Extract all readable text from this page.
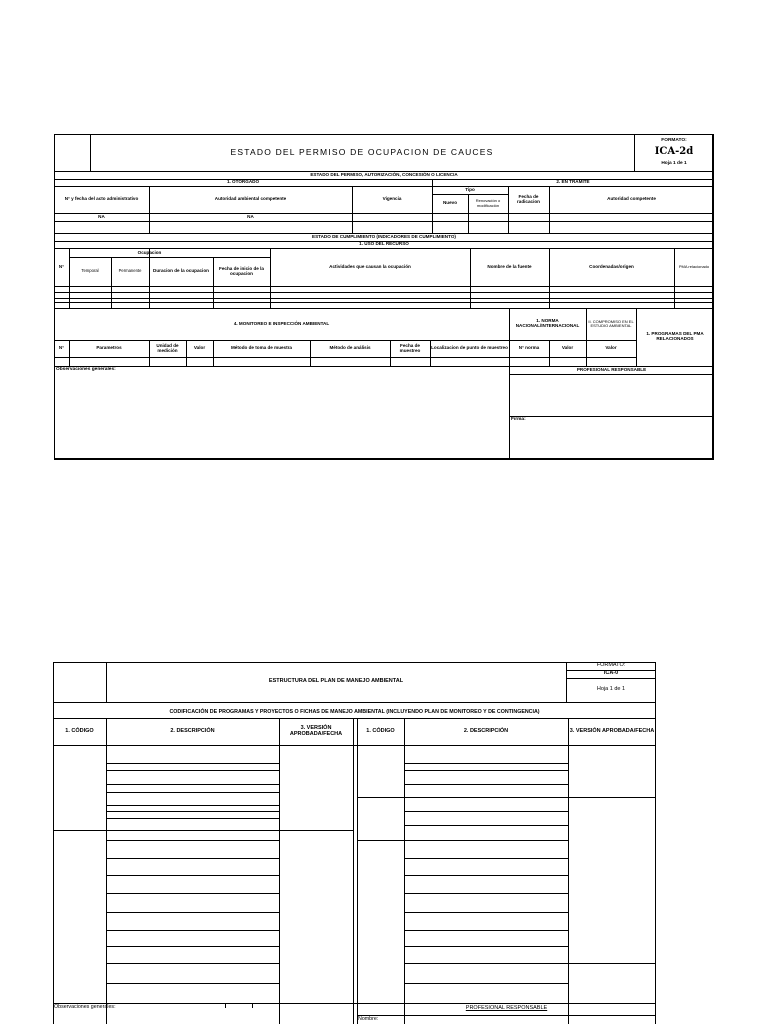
ESTADO DEL PERMISO DE OCUPACION DE CAUCES
FORMATO:
ICA-2d
Hoja 1 de 1
ESTADO DEL PERMISO, AUTORIZACIÓN, CONCESIÓN O LICENCIA
1. OTORGADO	2. EN TRAMITE
Tipo
N° y fecha del acto administrativo	Autoridad ambiental competente	Vigencia
Nuevo	Renovación o modificación
Fecha de radicacion	Autoridad competente
NA	NA
ESTADO DE CUMPLIMIENTO (INDICADORES DE CUMPLIMIENTO)
1. USO DEL RECURSO
Ocupacion
N°
Temporal	Permanente	Duracion de la ocupacion	Fecha de inicio de la ocupacion
Actividades que causan la ocupación	Nombre de la fuente	Coordenadas/origen	PMA relacionado
4. MONITOREO E INSPECCIÓN AMBIENTAL	1. NORMA NACIONAL/INTERNACIONAL
II. COMPROMISO EN EL ESTUDIO AMBIENTAL
1. PROGRAMAS DEL PMA RELACIONADOS
N°	Parametros	Unidad de medición	Valor	Método de toma de muestra	Método de análisis	Fecha de muestreo	Localizacion de punto de muestreo	N° norma	Valor	Valor
Observaciones generales:	PROFESIONAL RESPONSABLE
Firma:
FORMATO:
ICA-0
Hoja 1 de 1
ESTRUCTURA DEL PLAN DE MANEJO AMBIENTAL
CODIFICACIÓN DE PROGRAMAS Y PROYECTOS O FICHAS DE MANEJO AMBIENTAL (INCLUYENDO PLAN DE MONITOREO Y DE CONTINGENCIA)
1. CÓDIGO	2. DESCRIPCIÓN	3. VERSIÓN APROBADA/FECHA	1. CÓDIGO	2. DESCRIPCIÓN	3. VERSIÓN APROBADA/FECHA
Observaciones generales:	PROFESIONAL RESPONSABLE
Nombre:
